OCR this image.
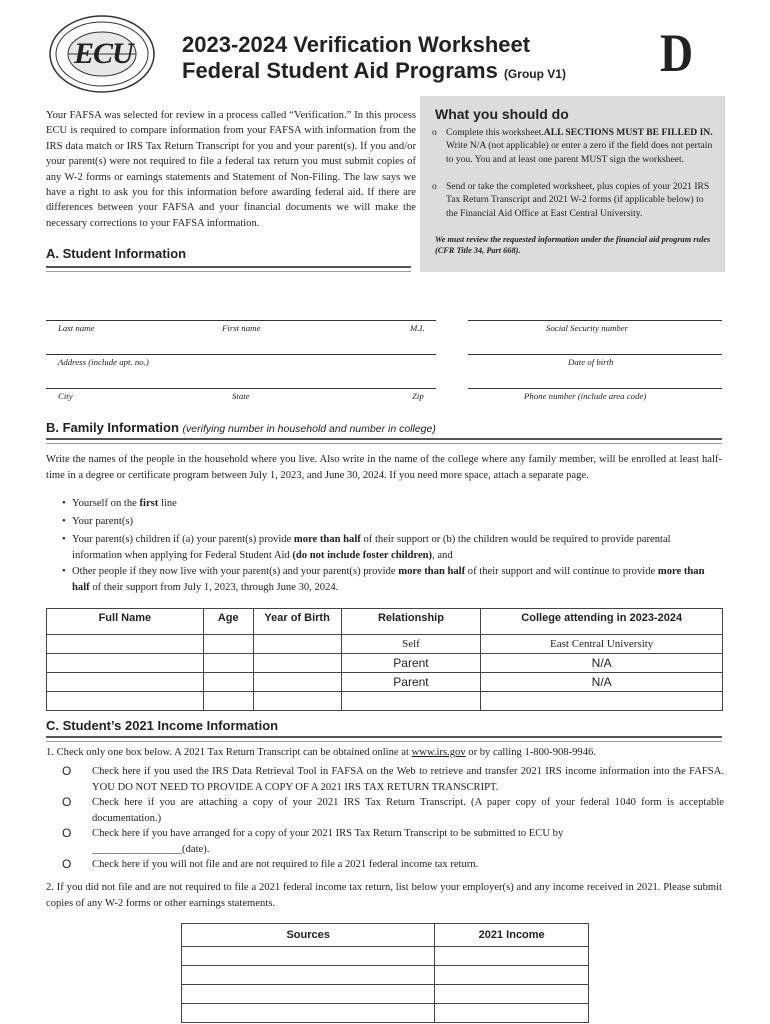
ECU 2023-2024 Verification Worksheet
Federal Student Aid Programs (Group V1) D
Your FAFSA was selected for review in a process called “Verification.” In this process ECU is required to compare information from your FAFSA with information from the IRS data match or IRS Tax Return Transcript for you and your parent(s). If you and/or your parent(s) were not required to file a federal tax return you must submit copies of any W-2 forms or earnings statements and Statement of Non-Filing. The law says we have a right to ask you for this information before awarding federal aid. If there are differences between your FAFSA and your financial documents we will make the necessary corrections to your FAFSA information.
What you should do
o Complete this worksheet.ALL SECTIONS MUST BE FILLED IN. Write N/A (not applicable) or enter a zero if the field does not pertain to you. You and at least one parent MUST sign the worksheet.
o Send or take the completed worksheet, plus copies of your 2021 IRS Tax Return Transcript and 2021 W-2 forms (if applicable below) to the Financial Aid Office at East Central University.
We must review the requested information under the financial aid program rules (CFR Title 34, Part 668).
A. Student Information
Last name	First name	M.I.	Social Security number
Address (include apt. no.)	Date of birth
City	State	Zip	Phone number (include area code)
B. Family Information (verifying number in household and number in college)
Write the names of the people in the household where you live. Also write in the name of the college where any family member, will be enrolled at least half-time in a degree or certificate program between July 1, 2023, and June 30, 2024. If you need more space, attach a separate page.
• Yourself on the first line
• Your parent(s)
• Your parent(s) children if (a) your parent(s) provide more than half of their support or (b) the children would be required to provide parental information when applying for Federal Student Aid (do not include foster children), and
• Other people if they now live with your parent(s) and your parent(s) provide more than half of their support and will continue to provide more than half of their support from July 1, 2023, through June 30, 2024.
Full Name	Age	Year of Birth	Relationship	College attending in 2023-2024
			Self	East Central University
			Parent	N/A
			Parent	N/A

C. Student’s 2021 Income Information
1. Check only one box below. A 2021 Tax Return Transcript can be obtained online at www.irs.gov or by calling 1-800-908-9946.
O Check here if you used the IRS Data Retrieval Tool in FAFSA on the Web to retrieve and transfer 2021 IRS income information into the FAFSA. YOU DO NOT NEED TO PROVIDE A COPY OF A 2021 IRS TAX RETURN TRANSCRIPT.
O Check here if you are attaching a copy of your 2021 IRS Tax Return Transcript. (A paper copy of your federal 1040 form is acceptable documentation.)
O Check here if you have arranged for a copy of your 2021 IRS Tax Return Transcript to be submitted to ECU by
_________________(date).
O Check here if you will not file and are not required to file a 2021 federal income tax return.
2. If you did not file and are not required to file a 2021 federal income tax return, list below your employer(s) and any income received in 2021. Please submit copies of any W-2 forms or other earnings statements.
Sources	2021 Income
